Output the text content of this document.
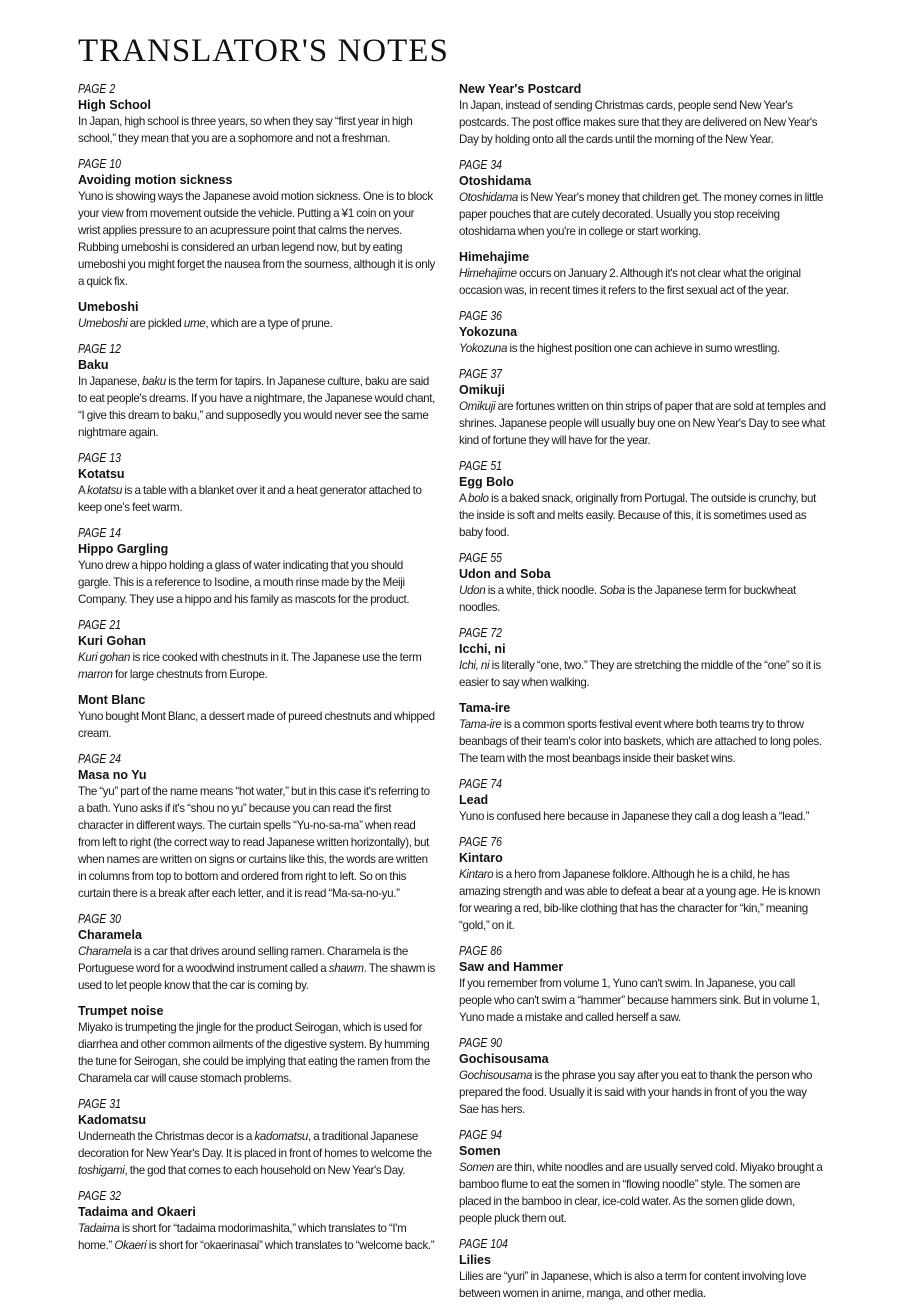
TRANSLATOR'S NOTES
PAGE 2
High School

In Japan, high school is three years, so when they say “first year in high school,” they mean that you are a sophomore and not a freshman.

PAGE 10
Avoiding motion sickness

Yuno is showing ways the Japanese avoid motion sickness. One is to block your view from movement outside the vehicle. Putting a ¥1 coin on your wrist applies pressure to an acupressure point that calms the nerves. Rubbing umeboshi is considered an urban legend now, but by eating umeboshi you might forget the nausea from the sourness, although it is only a quick fix.

Umeboshi

Umeboshi are pickled ume, which are a type of prune.

PAGE 12
Baku

In Japanese, baku is the term for tapirs. In Japanese culture, baku are said to eat people's dreams. If you have a nightmare, the Japanese would chant, “I give this dream to baku,” and supposedly you would never see the same nightmare again.

PAGE 13
Kotatsu

A kotatsu is a table with a blanket over it and a heat generator attached to keep one's feet warm.

PAGE 14
Hippo Gargling

Yuno drew a hippo holding a glass of water indicating that you should gargle. This is a reference to Isodine, a mouth rinse made by the Meiji Company. They use a hippo and his family as mascots for the product.

PAGE 21
Kuri Gohan

Kuri gohan is rice cooked with chestnuts in it. The Japanese use the term marron for large chestnuts from Europe.

Mont Blanc

Yuno bought Mont Blanc, a dessert made of pureed chestnuts and whipped cream.

PAGE 24
Masa no Yu

The “yu” part of the name means “hot water,” but in this case it's referring to a bath. Yuno asks if it's “shou no yu” because you can read the first character in different ways. The curtain spells “Yu-no-sa-ma” when read from left to right (the correct way to read Japanese written horizontally), but when names are written on signs or curtains like this, the words are written in columns from top to bottom and ordered from right to left. So on this curtain there is a break after each letter, and it is read “Ma-sa-no-yu.”

PAGE 30
Charamela

Charamela is a car that drives around selling ramen. Charamela is the Portuguese word for a woodwind instrument called a shawm. The shawm is used to let people know that the car is coming by.

Trumpet noise

Miyako is trumpeting the jingle for the product Seirogan, which is used for diarrhea and other common ailments of the digestive system. By humming the tune for Seirogan, she could be implying that eating the ramen from the Charamela car will cause stomach problems.

PAGE 31
Kadomatsu

Underneath the Christmas decor is a kadomatsu, a traditional Japanese decoration for New Year's Day. It is placed in front of homes to welcome the toshigami, the god that comes to each household on New Year's Day.

PAGE 32
Tadaima and Okaeri

Tadaima is short for “tadaima modorimashita,” which translates to “I'm home.” Okaeri is short for “okaerinasai” which translates to “welcome back.”

New Year's Postcard

In Japan, instead of sending Christmas cards, people send New Year's postcards. The post office makes sure that they are delivered on New Year's Day by holding onto all the cards until the morning of the New Year.

PAGE 34
Otoshidama

Otoshidama is New Year's money that children get. The money comes in little paper pouches that are cutely decorated. Usually you stop receiving otoshidama when you're in college or start working.

Himehajime

Himehajime occurs on January 2. Although it's not clear what the original occasion was, in recent times it refers to the first sexual act of the year.

PAGE 36
Yokozuna

Yokozuna is the highest position one can achieve in sumo wrestling.

PAGE 37
Omikuji

Omikuji are fortunes written on thin strips of paper that are sold at temples and shrines. Japanese people will usually buy one on New Year's Day to see what kind of fortune they will have for the year.

PAGE 51
Egg Bolo

A bolo is a baked snack, originally from Portugal. The outside is crunchy, but the inside is soft and melts easily. Because of this, it is sometimes used as baby food.

PAGE 55
Udon and Soba

Udon is a white, thick noodle. Soba is the Japanese term for buckwheat noodles.

PAGE 72
Icchi, ni

Ichi, ni is literally “one, two.” They are stretching the middle of the “one” so it is easier to say when walking.

Tama-ire

Tama-ire is a common sports festival event where both teams try to throw beanbags of their team's color into baskets, which are attached to long poles. The team with the most beanbags inside their basket wins.

PAGE 74
Lead

Yuno is confused here because in Japanese they call a dog leash a “lead.”

PAGE 76
Kintaro

Kintaro is a hero from Japanese folklore. Although he is a child, he has amazing strength and was able to defeat a bear at a young age. He is known for wearing a red, bib-like clothing that has the character for “kin,” meaning “gold,” on it.

PAGE 86
Saw and Hammer

If you remember from volume 1, Yuno can't swim. In Japanese, you call people who can't swim a “hammer” because hammers sink. But in volume 1, Yuno made a mistake and called herself a saw.

PAGE 90
Gochisousama

Gochisousama is the phrase you say after you eat to thank the person who prepared the food. Usually it is said with your hands in front of you the way Sae has hers.

PAGE 94
Somen

Somen are thin, white noodles and are usually served cold. Miyako brought a bamboo flume to eat the somen in “flowing noodle” style. The somen are placed in the bamboo in clear, ice-cold water. As the somen glide down, people pluck them out.

PAGE 104
Lilies

Lilies are “yuri” in Japanese, which is also a term for content involving love between women in anime, manga, and other media.
